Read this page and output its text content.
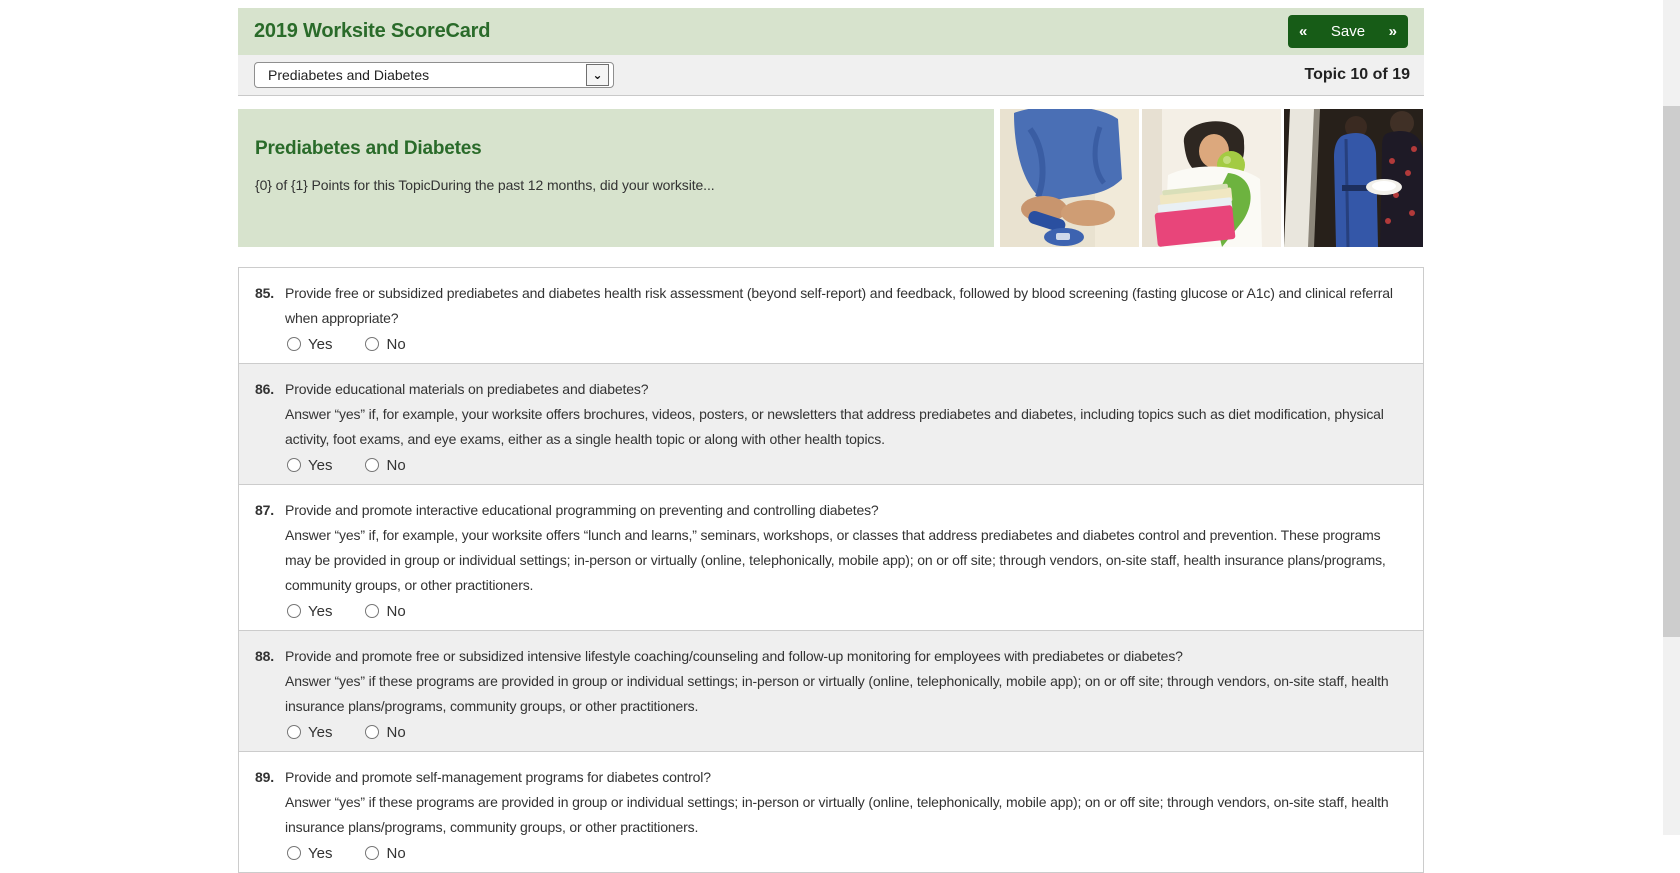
2019 Worksite ScoreCard	« Save »
Prediabetes and Diabetes	⌄	Topic 10 of 19
Prediabetes and Diabetes
{0} of {1} Points for this TopicDuring the past 12 months, did your worksite...
85. Provide free or subsidized prediabetes and diabetes health risk assessment (beyond self-report) and feedback, followed by blood screening (fasting glucose or A1c) and clinical referral when appropriate?
Yes	No
86. Provide educational materials on prediabetes and diabetes?
Answer “yes” if, for example, your worksite offers brochures, videos, posters, or newsletters that address prediabetes and diabetes, including topics such as diet modification, physical activity, foot exams, and eye exams, either as a single health topic or along with other health topics.
Yes	No
87. Provide and promote interactive educational programming on preventing and controlling diabetes?
Answer “yes” if, for example, your worksite offers “lunch and learns,” seminars, workshops, or classes that address prediabetes and diabetes control and prevention. These programs may be provided in group or individual settings; in-person or virtually (online, telephonically, mobile app); on or off site; through vendors, on-site staff, health insurance plans/programs, community groups, or other practitioners.
Yes	No
88. Provide and promote free or subsidized intensive lifestyle coaching/counseling and follow-up monitoring for employees with prediabetes or diabetes?
Answer “yes” if these programs are provided in group or individual settings; in-person or virtually (online, telephonically, mobile app); on or off site; through vendors, on-site staff, health insurance plans/programs, community groups, or other practitioners.
Yes	No
89. Provide and promote self-management programs for diabetes control?
Answer “yes” if these programs are provided in group or individual settings; in-person or virtually (online, telephonically, mobile app); on or off site; through vendors, on-site staff, health insurance plans/programs, community groups, or other practitioners.
Yes	No
